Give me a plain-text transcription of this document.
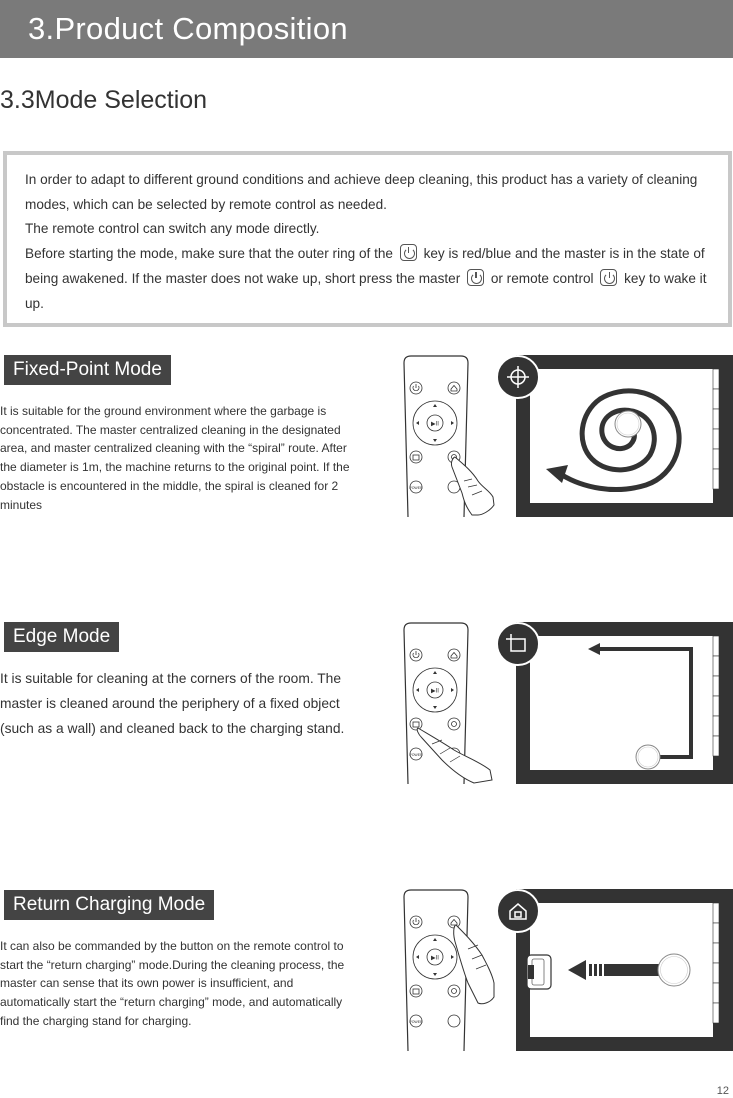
3.Product Composition
3.3Mode Selection

In order to adapt to different ground conditions and achieve deep cleaning, this product has a variety of cleaning modes, which can be selected by remote control as needed.

The remote control can switch any mode directly.

Before starting the mode, make sure that the outer ring of the key is red/blue and the master is in the state of being awakened. If the master does not wake up, short press the master or remote control key to wake it up.

Fixed-Point Mode

It is suitable for the ground environment where the garbage is concentrated. The master centralized cleaning in the designated area, and master centralized cleaning with the “spiral” route. After the diameter is 1m, the machine returns to the original point. If the obstacle is encountered in the middle, the spiral is cleaned for 2 minutes

▶II
POWER
Edge Mode

It is suitable for cleaning at the corners of the room. The master is cleaned around the periphery of a fixed object (such as a wall) and cleaned back to the charging stand.

▶II
POWER
Return Charging Mode

It can also be commanded by the button on the remote control to start the “return charging” mode.During the cleaning process, the master can sense that its own power is insufficient, and automatically start the “return charging” mode, and automatically find the charging stand for charging.

▶II
POWER
12
